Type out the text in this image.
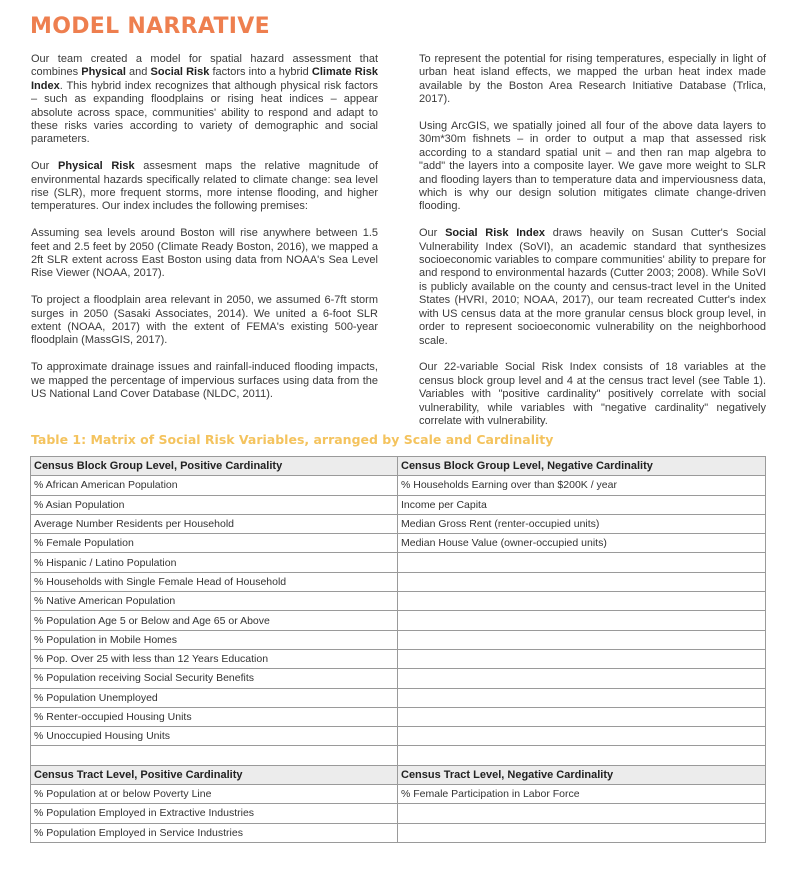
MODEL NARRATIVE

Our team created a model for spatial hazard assessment that combines Physical and Social Risk factors into a hybrid Climate Risk Index. This hybrid index recognizes that although physical risk factors – such as expanding floodplains or rising heat indices – appear absolute across space, communities' ability to respond and adapt to these risks varies according to variety of demographic and social parameters.

Our Physical Risk assesment maps the relative magnitude of environmental hazards specifically related to climate change: sea level rise (SLR), more frequent storms, more intense flooding, and higher temperatures. Our index includes the following premises:

Assuming sea levels around Boston will rise anywhere between 1.5 feet and 2.5 feet by 2050 (Climate Ready Boston, 2016), we mapped a 2ft SLR extent across East Boston using data from NOAA's Sea Level Rise Viewer (NOAA, 2017).

To project a floodplain area relevant in 2050, we assumed 6-7ft storm surges in 2050 (Sasaki Associates, 2014). We united a 6-foot SLR extent (NOAA, 2017) with the extent of FEMA's existing 500-year floodplain (MassGIS, 2017).

To approximate drainage issues and rainfall-induced flooding impacts, we mapped the percentage of impervious surfaces using data from the US National Land Cover Database (NLDC, 2011).

To represent the potential for rising temperatures, especially in light of urban heat island effects, we mapped the urban heat index made available by the Boston Area Research Initiative Database (Trlica, 2017).

Using ArcGIS, we spatially joined all four of the above data layers to 30m*30m fishnets – in order to output a map that assessed risk according to a standard spatial unit – and then ran map algebra to "add" the layers into a composite layer. We gave more weight to SLR and flooding layers than to temperature data and imperviousness data, which is why our design solution mitigates climate change-driven flooding.

Our Social Risk Index draws heavily on Susan Cutter's Social Vulnerability Index (SoVI), an academic standard that synthesizes socioeconomic variables to compare communities' ability to prepare for and respond to environmental hazards (Cutter 2003; 2008). While SoVI is publicly available on the county and census-tract level in the United States (HVRI, 2010; NOAA, 2017), our team recreated Cutter's index with US census data at the more granular census block group level, in order to represent socioeconomic vulnerability on the neighborhood scale.

Our 22-variable Social Risk Index consists of 18 variables at the census block group level and 4 at the census tract level (see Table 1). Variables with "positive cardinality" positively correlate with social vulnerability, while variables with "negative cardinality" negatively correlate with vulnerability.

Table 1: Matrix of Social Risk Variables, arranged by Scale and Cardinality
Census Block Group Level, Positive Cardinality	Census Block Group Level, Negative Cardinality
% African American Population	% Households Earning over than $200K / year
% Asian Population	Income per Capita
Average Number Residents per Household	Median Gross Rent (renter-occupied units)
% Female Population	Median House Value (owner-occupied units)
% Hispanic / Latino Population	
% Households with Single Female Head of Household	
% Native American Population	
% Population Age 5 or Below and Age 65 or Above	
% Population in Mobile Homes	
% Pop. Over 25 with less than 12 Years Education	
% Population receiving Social Security Benefits	
% Population Unemployed	
% Renter-occupied Housing Units	
% Unoccupied Housing Units	

Census Tract Level, Positive Cardinality	Census Tract Level, Negative Cardinality
% Population at or below Poverty Line	% Female Participation in Labor Force
% Population Employed in Extractive Industries	
% Population Employed in Service Industries	
